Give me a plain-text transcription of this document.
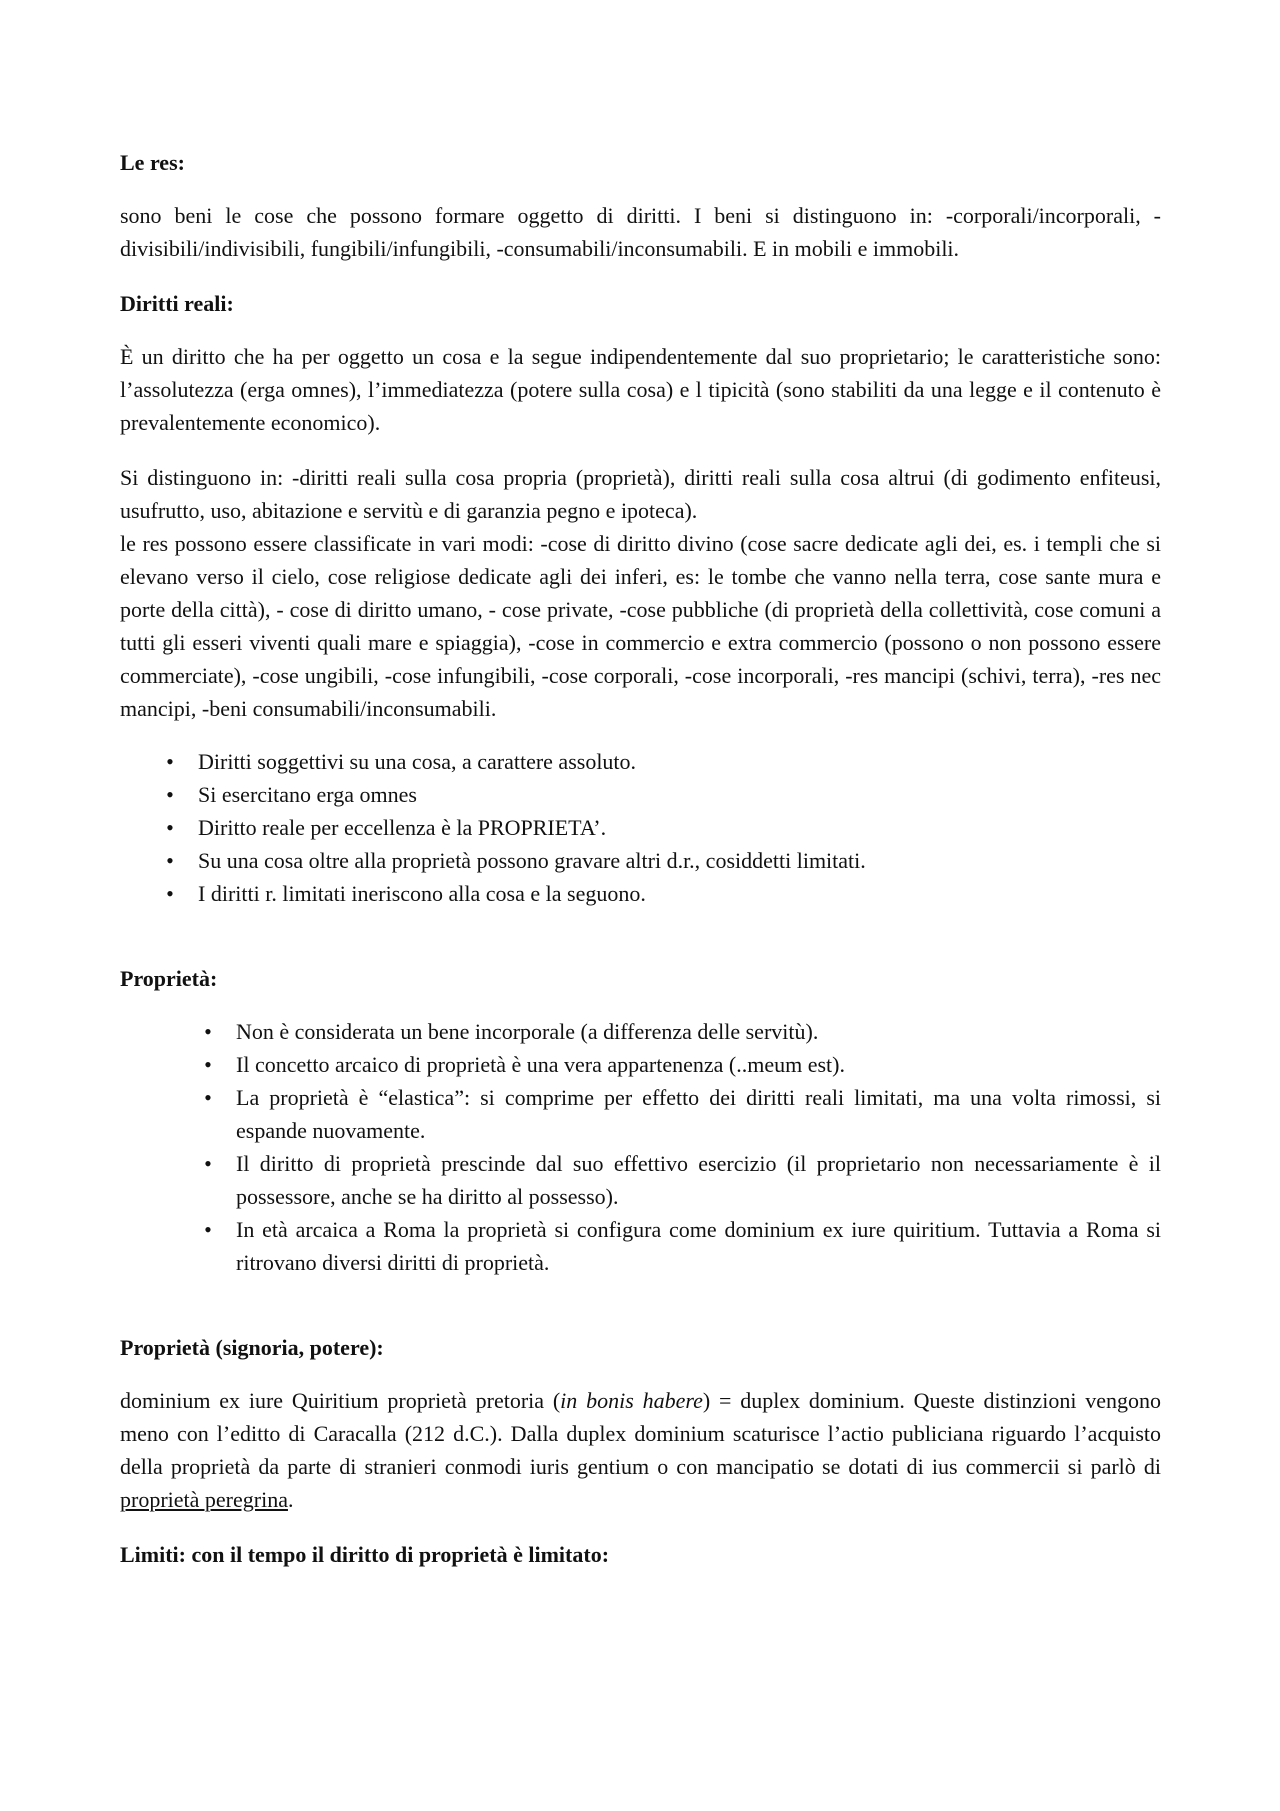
Le res:

sono beni le cose che possono formare oggetto di diritti. I beni si distinguono in: -corporali/incorporali, -divisibili/indivisibili, fungibili/infungibili, -consumabili/inconsumabili. E in mobili e immobili.

Diritti reali:

È un diritto che ha per oggetto un cosa e la segue indipendentemente dal suo proprietario; le caratteristiche sono: l’assolutezza (erga omnes), l’immediatezza (potere sulla cosa) e l tipicità (sono stabiliti da una legge e il contenuto è prevalentemente economico).

Si distinguono in: -diritti reali sulla cosa propria (proprietà), diritti reali sulla cosa altrui (di godimento enfiteusi, usufrutto, uso, abitazione e servitù e di garanzia pegno e ipoteca).

le res possono essere classificate in vari modi: -cose di diritto divino (cose sacre dedicate agli dei, es. i templi che si elevano verso il cielo, cose religiose dedicate agli dei inferi, es: le tombe che vanno nella terra, cose sante mura e porte della città), - cose di diritto umano, - cose private, -cose pubbliche (di proprietà della collettività, cose comuni a tutti gli esseri viventi quali mare e spiaggia), -cose in commercio e extra commercio (possono o non possono essere commerciate), -cose ungibili, -cose infungibili, -cose corporali, -cose incorporali, -res mancipi (schivi, terra), -res nec mancipi, -beni consumabili/inconsumabili.

• Diritti soggettivi su una cosa, a carattere assoluto.
• Si esercitano erga omnes
• Diritto reale per eccellenza è la PROPRIETA’.
• Su una cosa oltre alla proprietà possono gravare altri d.r., cosiddetti limitati.
• I diritti r. limitati ineriscono alla cosa e la seguono.

Proprietà:

• Non è considerata un bene incorporale (a differenza delle servitù).
• Il concetto arcaico di proprietà è una vera appartenenza (..meum est).
• La proprietà è “elastica”: si comprime per effetto dei diritti reali limitati, ma una volta rimossi, si espande nuovamente.
• Il diritto di proprietà prescinde dal suo effettivo esercizio (il proprietario non necessariamente è il possessore, anche se ha diritto al possesso).
• In età arcaica a Roma la proprietà si configura come dominium ex iure quiritium. Tuttavia a Roma si ritrovano diversi diritti di proprietà.

Proprietà (signoria, potere):

dominium ex iure Quiritium proprietà pretoria (in bonis habere) = duplex dominium. Queste distinzioni vengono meno con l’editto di Caracalla (212 d.C.). Dalla duplex dominium scaturisce l’actio publiciana riguardo l’acquisto della proprietà da parte di stranieri conmodi iuris gentium o con mancipatio se dotati di ius commercii si parlò di proprietà peregrina.

Limiti: con il tempo il diritto di proprietà è limitato:
